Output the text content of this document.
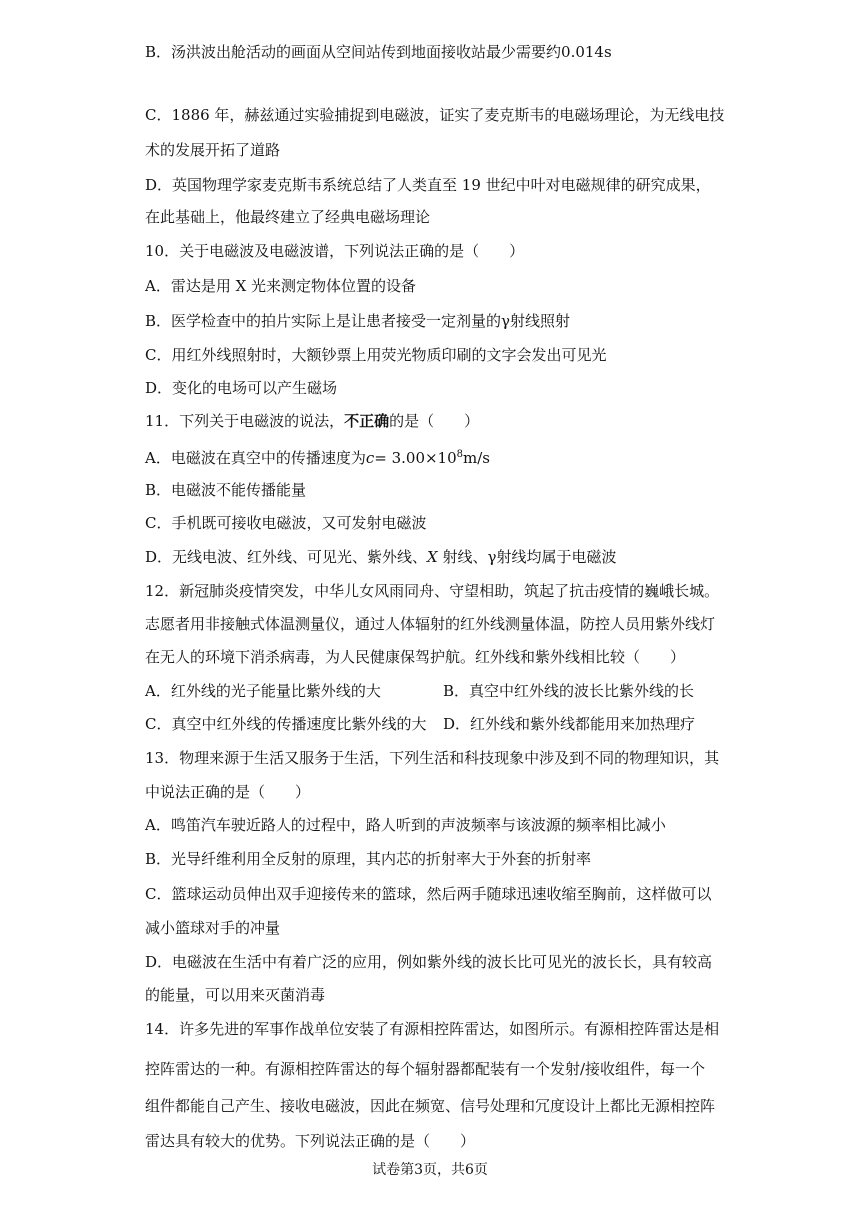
B．汤洪波出舱活动的画面从空间站传到地面接收站最少需要约0.014s
C．1886 年，赫兹通过实验捕捉到电磁波，证实了麦克斯韦的电磁场理论，为无线电技
术的发展开拓了道路
D．英国物理学家麦克斯韦系统总结了人类直至 19 世纪中叶对电磁规律的研究成果，
在此基础上，他最终建立了经典电磁场理论
10．关于电磁波及电磁波谱，下列说法正确的是（　　）
A．雷达是用 X 光来测定物体位置的设备
B．医学检查中的拍片实际上是让患者接受一定剂量的γ射线照射
C．用红外线照射时，大额钞票上用荧光物质印刷的文字会发出可见光
D．变化的电场可以产生磁场
11．下列关于电磁波的说法，不正确的是（　　）
A．电磁波在真空中的传播速度为$c= 3.00\times 10^8m/s$
B．电磁波不能传播能量
C．手机既可接收电磁波，又可发射电磁波
D．无线电波、红外线、可见光、紫外线、X 射线、γ射线均属于电磁波
12．新冠肺炎疫情突发，中华儿女风雨同舟、守望相助，筑起了抗击疫情的巍峨长城。
志愿者用非接触式体温测量仪，通过人体辐射的红外线测量体温，防控人员用紫外线灯
在无人的环境下消杀病毒，为人民健康保驾护航。红外线和紫外线相比较（　　）
A．红外线的光子能量比紫外线的大	B．真空中红外线的波长比紫外线的长
C．真空中红外线的传播速度比紫外线的大 D．红外线和紫外线都能用来加热理疗
13．物理来源于生活又服务于生活，下列生活和科技现象中涉及到不同的物理知识，其
中说法正确的是（　　）
A．鸣笛汽车驶近路人的过程中，路人听到的声波频率与该波源的频率相比减小
B．光导纤维利用全反射的原理，其内芯的折射率大于外套的折射率
C．篮球运动员伸出双手迎接传来的篮球，然后两手随球迅速收缩至胸前，这样做可以
减小篮球对手的冲量
D．电磁波在生活中有着广泛的应用，例如紫外线的波长比可见光的波长长，具有较高
的能量，可以用来灭菌消毒
14．许多先进的军事作战单位安装了有源相控阵雷达，如图所示。有源相控阵雷达是相
控阵雷达的一种。有源相控阵雷达的每个辐射器都配装有一个发射/接收组件，每一个
组件都能自己产生、接收电磁波，因此在频宽、信号处理和冗度设计上都比无源相控阵
雷达具有较大的优势。下列说法正确的是（　　）
试卷第3页，共6页
